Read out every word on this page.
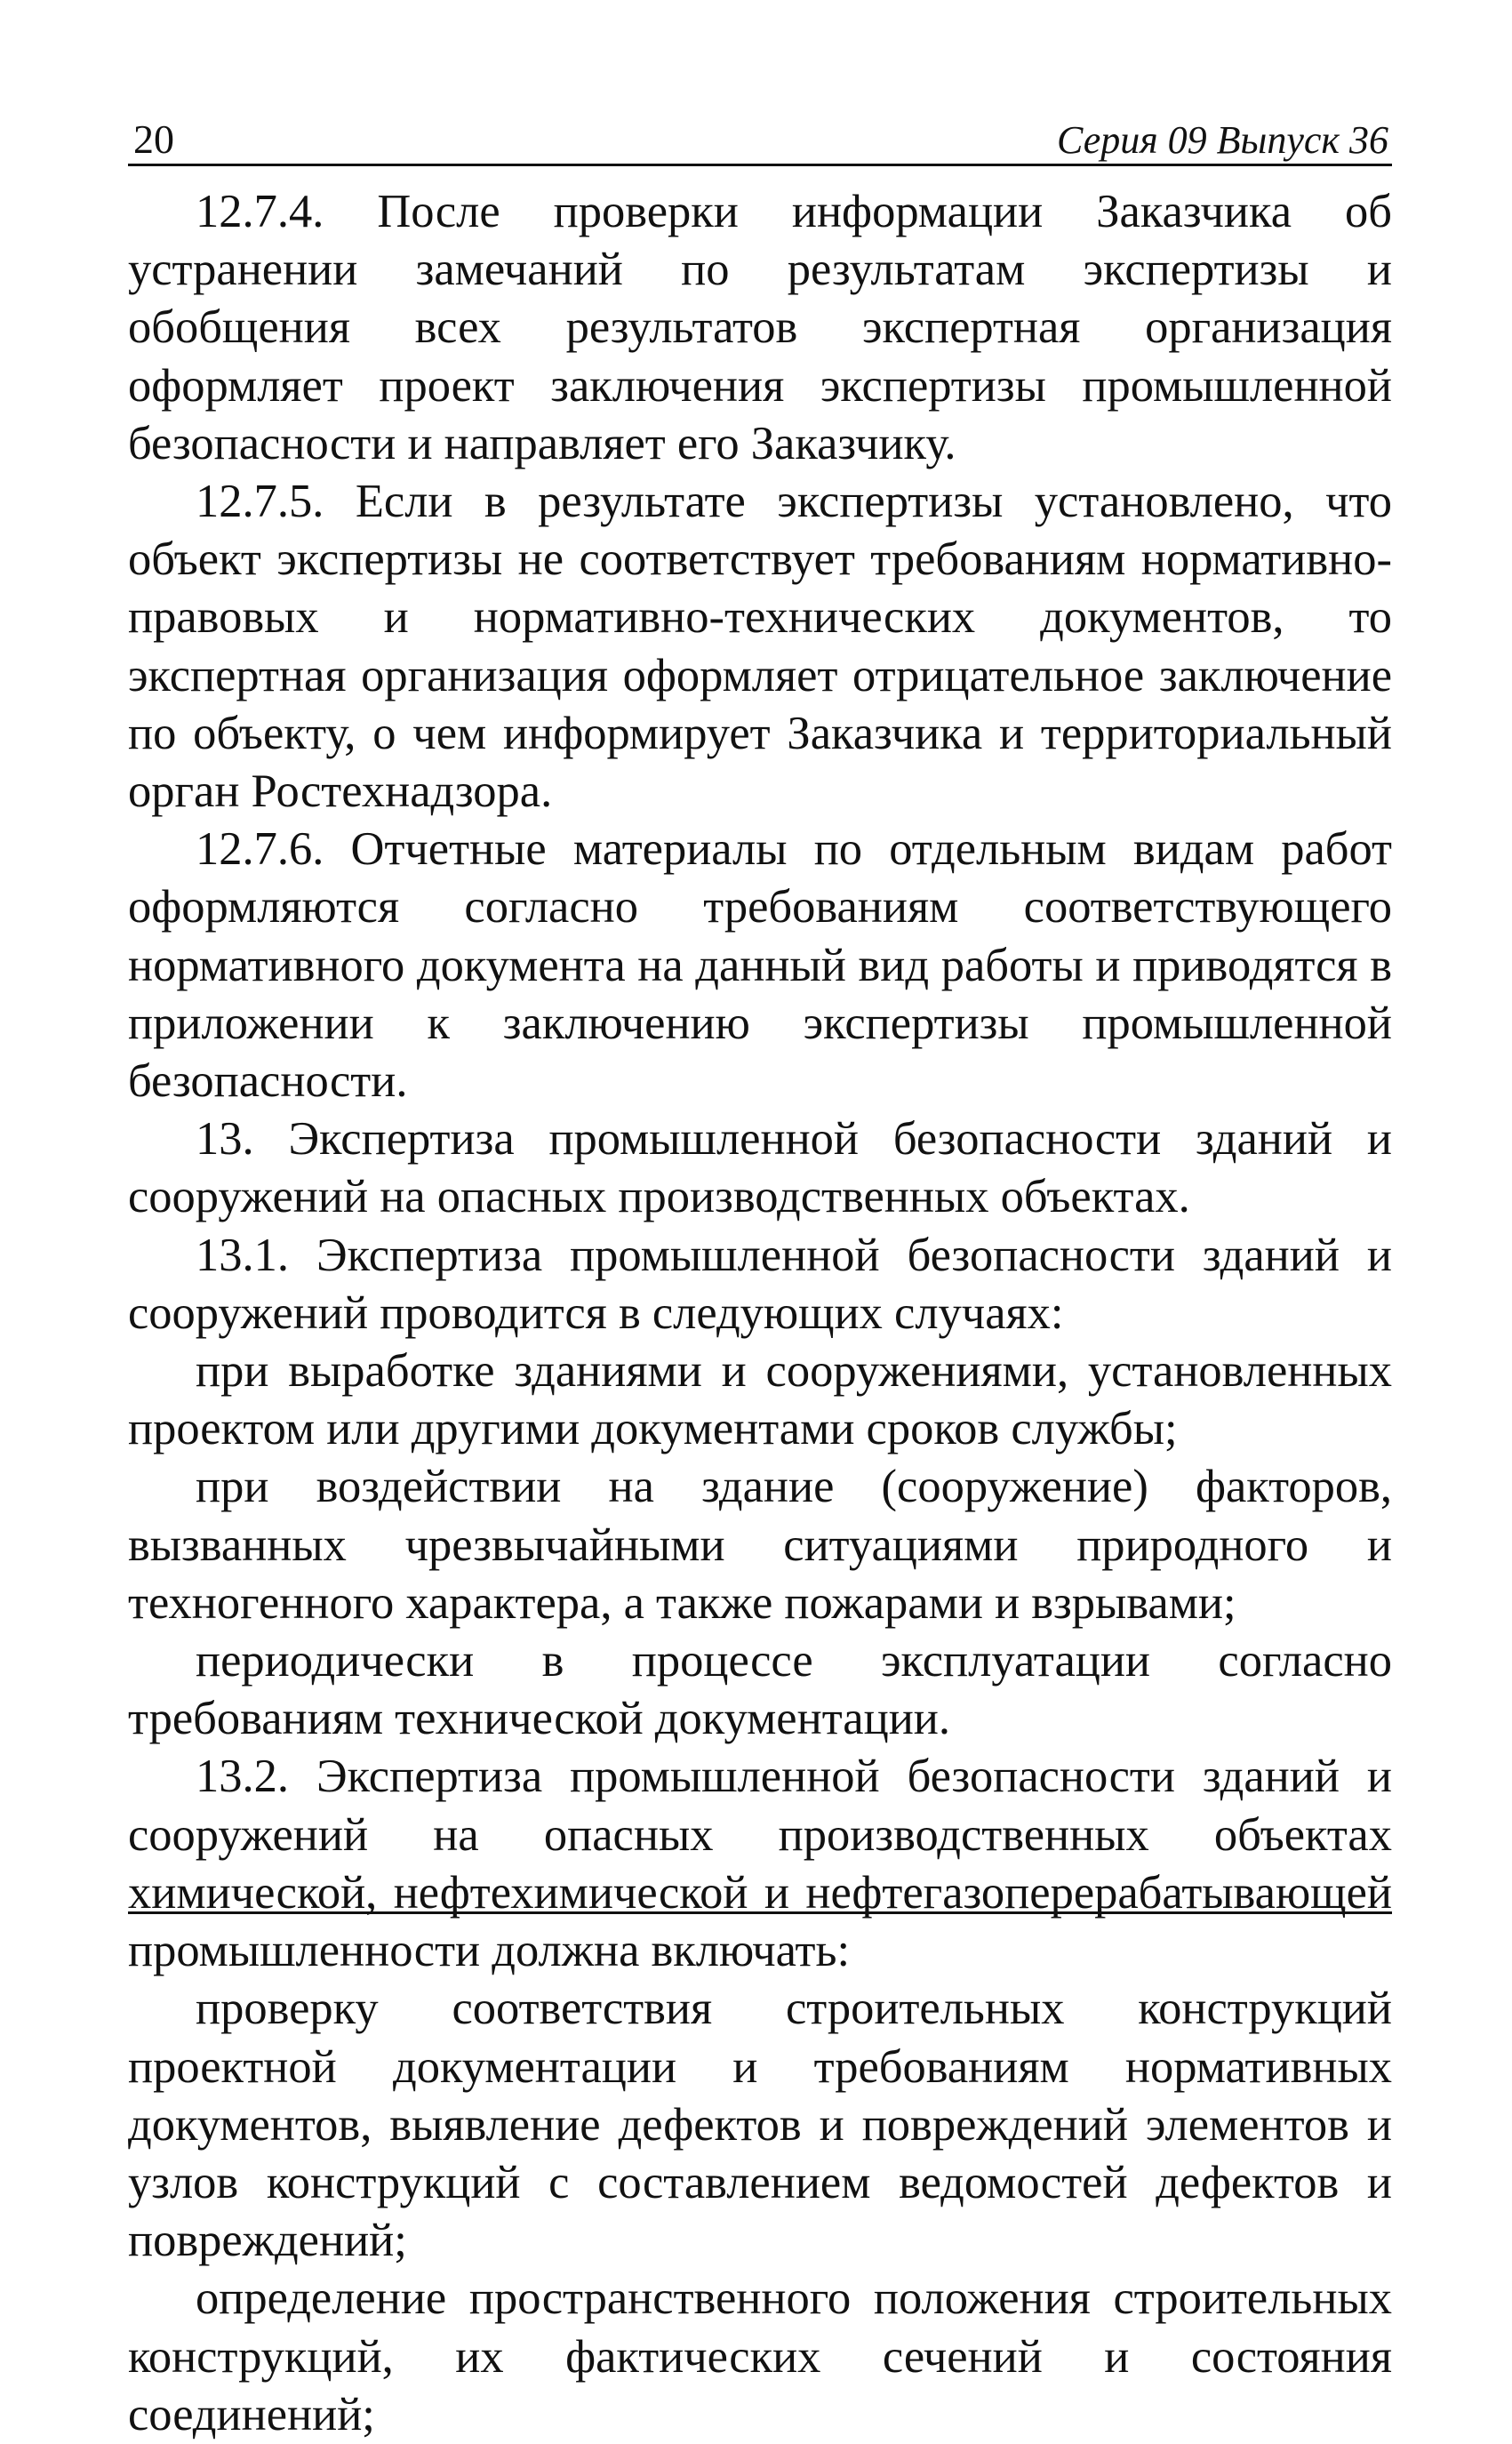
20	Серия 09 Выпуск 36

12.7.4. После проверки информации Заказчика об устранении замечаний по результатам экспертизы и обобщения всех результатов экспертная организация оформляет проект заключения экспертизы промышленной безопасности и направляет его Заказчику.

12.7.5. Если в результате экспертизы установлено, что объект экспертизы не соответствует требованиям нормативно-правовых и нормативно-технических документов, то экспертная организация оформляет отрицательное заключение по объекту, о чем информирует Заказчика и территориальный орган Ростехнадзора.

12.7.6. Отчетные материалы по отдельным видам работ оформляются согласно требованиям соответствующего нормативного документа на данный вид работы и приводятся в приложении к заключению экспертизы промышленной безопасности.

13. Экспертиза промышленной безопасности зданий и сооружений на опасных производственных объектах.

13.1. Экспертиза промышленной безопасности зданий и сооружений проводится в следующих случаях:

при выработке зданиями и сооружениями, установленных проектом или другими документами сроков службы;

при воздействии на здание (сооружение) факторов, вызванных чрезвычайными ситуациями природного и техногенного характера, а также пожарами и взрывами;

периодически в процессе эксплуатации согласно требованиям технической документации.

13.2. Экспертиза промышленной безопасности зданий и сооружений на опасных производственных объектах химической, нефтехимической и нефтегазоперерабатывающей промышленности должна включать:

проверку соответствия строительных конструкций проектной документации и требованиям нормативных документов, выявление дефектов и повреждений элементов и узлов конструкций с составлением ведомостей дефектов и повреждений;

определение пространственного положения строительных конструкций, их фактических сечений и состояния соединений;
